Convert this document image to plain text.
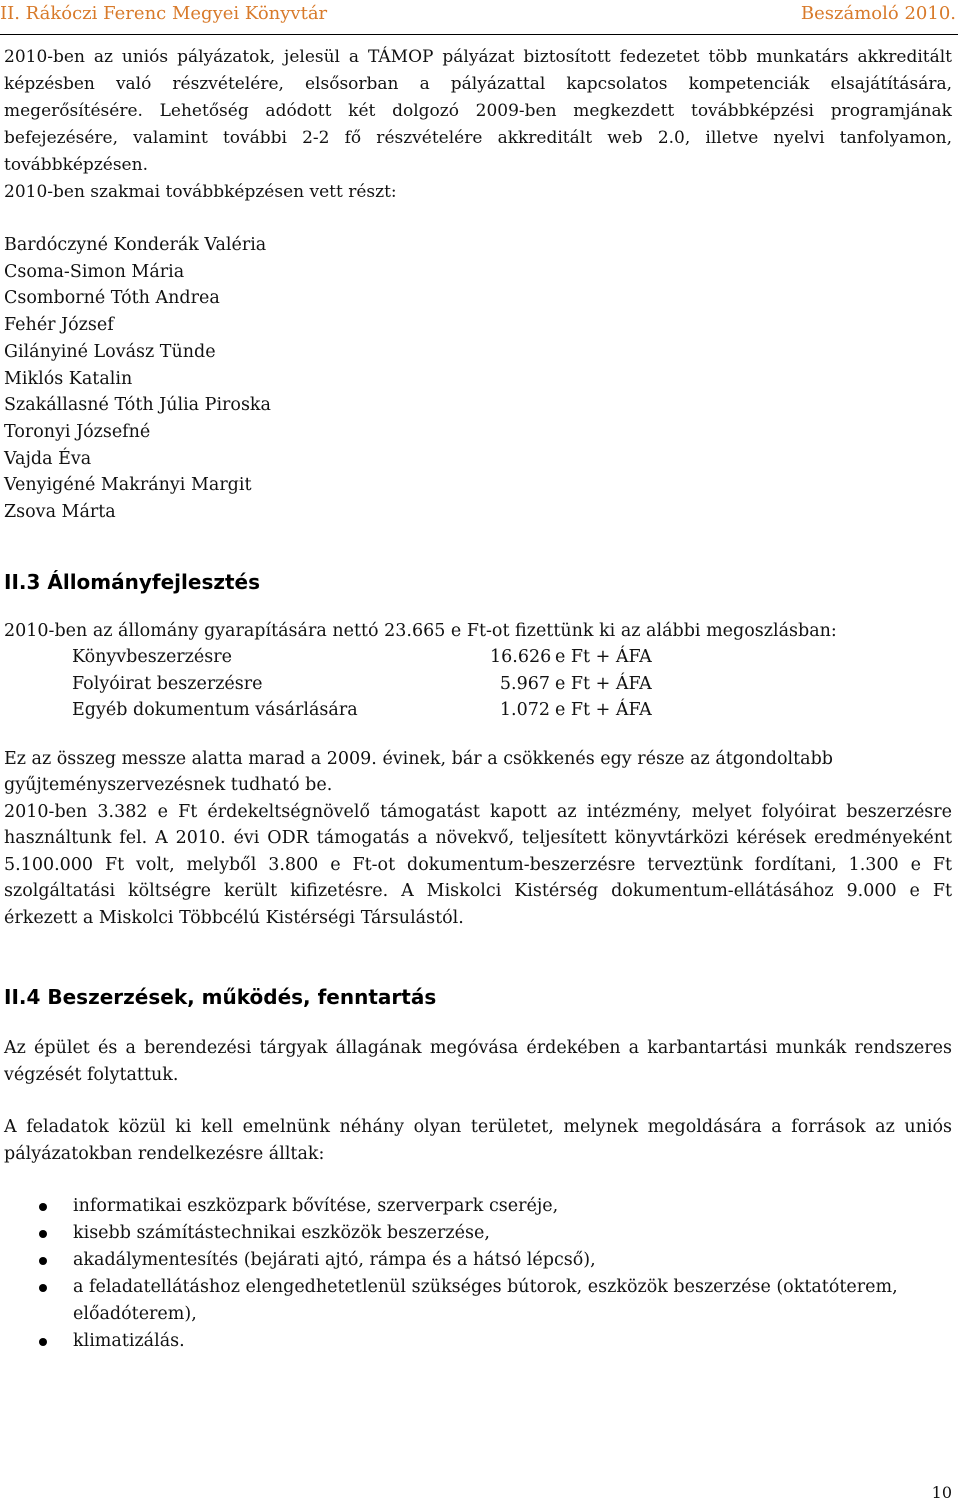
II. Rákóczi Ferenc Megyei Könyvtár	Beszámoló 2010.

2010-ben az uniós pályázatok, jelesül a TÁMOP pályázat biztosított fedezetet több munkatárs akkreditált képzésben való részvételére, elsősorban a pályázattal kapcsolatos kompetenciák elsajátítására, megerősítésére. Lehetőség adódott két dolgozó 2009-ben megkezdett továbbképzési programjának befejezésére, valamint további 2-2 fő részvételére akkreditált web 2.0, illetve nyelvi tanfolyamon, továbbképzésen.

2010-ben szakmai továbbképzésen vett részt:

Bardóczyné Konderák Valéria
Csoma-Simon Mária
Csomborné Tóth Andrea
Fehér József
Gilányiné Lovász Tünde
Miklós Katalin
Szakállasné Tóth Júlia Piroska
Toronyi Józsefné
Vajda Éva
Venyigéné Makrányi Margit
Zsova Márta
II.3 Állományfejlesztés

2010-ben az állomány gyarapítására nettó 23.665 e Ft-ot fizettünk ki az alábbi megoszlásban:

Könyvbeszerzésre	16.626 e Ft + ÁFA
Folyóirat beszerzésre	5.967 e Ft + ÁFA
Egyéb dokumentum vásárlására	1.072 e Ft + ÁFA

Ez az összeg messze alatta marad a 2009. évinek, bár a csökkenés egy része az átgondoltabb gyűjteményszervezésnek tudható be.

2010-ben 3.382 e Ft érdekeltségnövelő támogatást kapott az intézmény, melyet folyóirat beszerzésre használtunk fel. A 2010. évi ODR támogatás a növekvő, teljesített könyvtárközi kérések eredményeként 5.100.000 Ft volt, melyből 3.800 e Ft-ot dokumentum-beszerzésre terveztünk fordítani, 1.300 e Ft szolgáltatási költségre került kifizetésre. A Miskolci Kistérség dokumentum-ellátásához 9.000 e Ft érkezett a Miskolci Többcélú Kistérségi Társulástól.

II.4 Beszerzések, működés, fenntartás

Az épület és a berendezési tárgyak állagának megóvása érdekében a karbantartási munkák rendszeres végzését folytattuk.

A feladatok közül ki kell emelnünk néhány olyan területet, melynek megoldására a források az uniós pályázatokban rendelkezésre álltak:

informatikai eszközpark bővítése, szerverpark cseréje,
kisebb számítástechnikai eszközök beszerzése,
akadálymentesítés (bejárati ajtó, rámpa és a hátsó lépcső),
a feladatellátáshoz elengedhetetlenül szükséges bútorok, eszközök beszerzése (oktatóterem, előadóterem),
klimatizálás.
10
